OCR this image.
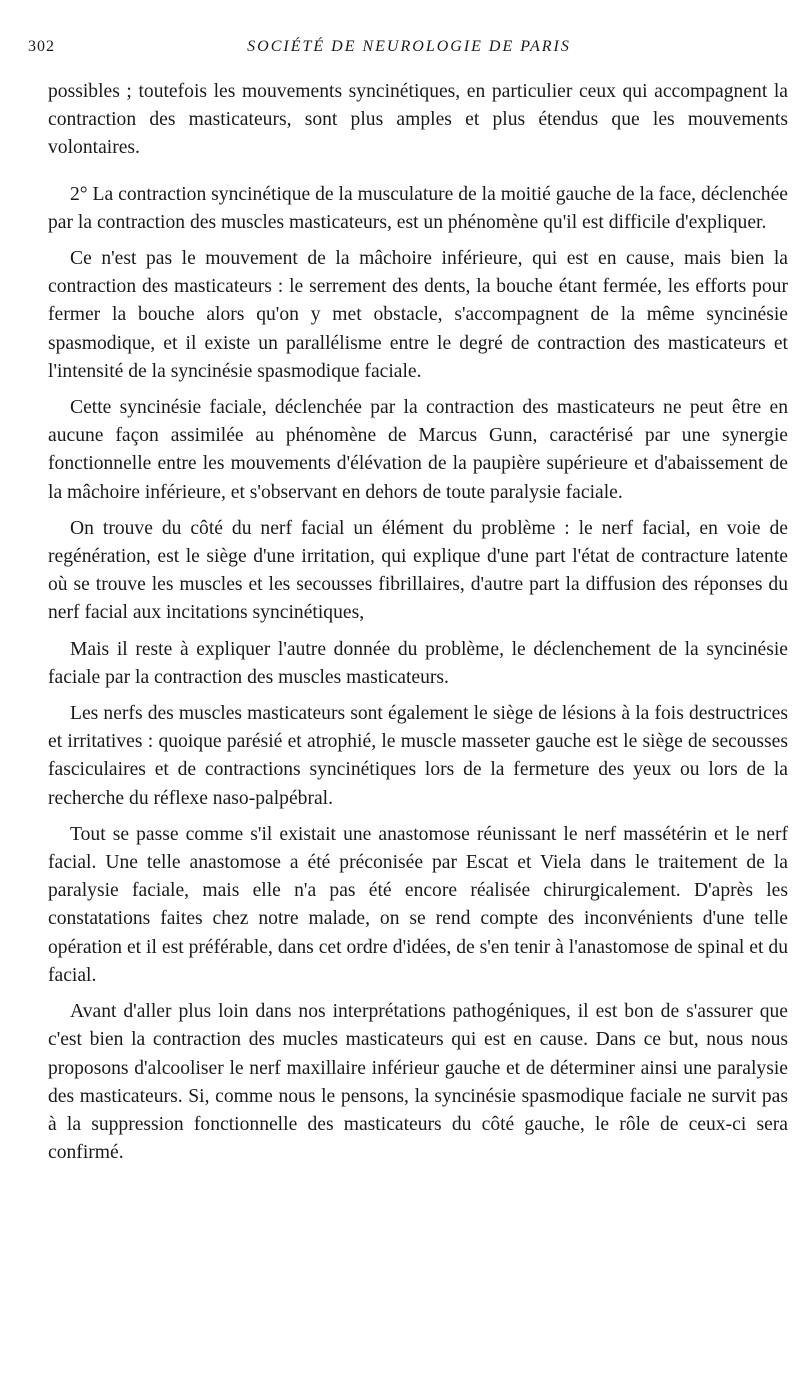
302	SOCIÉTÉ DE NEUROLOGIE DE PARIS

possibles ; toutefois les mouvements syncinétiques, en particulier ceux qui accompagnent la contraction des masticateurs, sont plus amples et plus étendus que les mouvements volontaires.

2° La contraction syncinétique de la musculature de la moitié gauche de la face, déclenchée par la contraction des muscles masticateurs, est un phénomène qu'il est difficile d'expliquer.

Ce n'est pas le mouvement de la mâchoire inférieure, qui est en cause, mais bien la contraction des masticateurs : le serrement des dents, la bouche étant fermée, les efforts pour fermer la bouche alors qu'on y met obstacle, s'accompagnent de la même syncinésie spasmodique, et il existe un parallélisme entre le degré de contraction des masticateurs et l'intensité de la syncinésie spasmodique faciale.

Cette syncinésie faciale, déclenchée par la contraction des masticateurs ne peut être en aucune façon assimilée au phénomène de Marcus Gunn, caractérisé par une synergie fonctionnelle entre les mouvements d'élévation de la paupière supérieure et d'abaissement de la mâchoire inférieure, et s'observant en dehors de toute paralysie faciale.

On trouve du côté du nerf facial un élément du problème : le nerf facial, en voie de regénération, est le siège d'une irritation, qui explique d'une part l'état de contracture latente où se trouve les muscles et les secousses fibrillaires, d'autre part la diffusion des réponses du nerf facial aux incitations syncinétiques,

Mais il reste à expliquer l'autre donnée du problème, le déclenchement de la syncinésie faciale par la contraction des muscles masticateurs.

Les nerfs des muscles masticateurs sont également le siège de lésions à la fois destructrices et irritatives : quoique parésié et atrophié, le muscle masseter gauche est le siège de secousses fasciculaires et de contractions syncinétiques lors de la fermeture des yeux ou lors de la recherche du réflexe naso-palpébral.

Tout se passe comme s'il existait une anastomose réunissant le nerf massétérin et le nerf facial. Une telle anastomose a été préconisée par Escat et Viela dans le traitement de la paralysie faciale, mais elle n'a pas été encore réalisée chirurgicalement. D'après les constatations faites chez notre malade, on se rend compte des inconvénients d'une telle opération et il est préférable, dans cet ordre d'idées, de s'en tenir à l'anastomose de spinal et du facial.

Avant d'aller plus loin dans nos interprétations pathogéniques, il est bon de s'assurer que c'est bien la contraction des mucles masticateurs qui est en cause. Dans ce but, nous nous proposons d'alcooliser le nerf maxillaire inférieur gauche et de déterminer ainsi une paralysie des masticateurs. Si, comme nous le pensons, la syncinésie spasmodique faciale ne survit pas à la suppression fonctionnelle des masticateurs du côté gauche, le rôle de ceux-ci sera confirmé.
